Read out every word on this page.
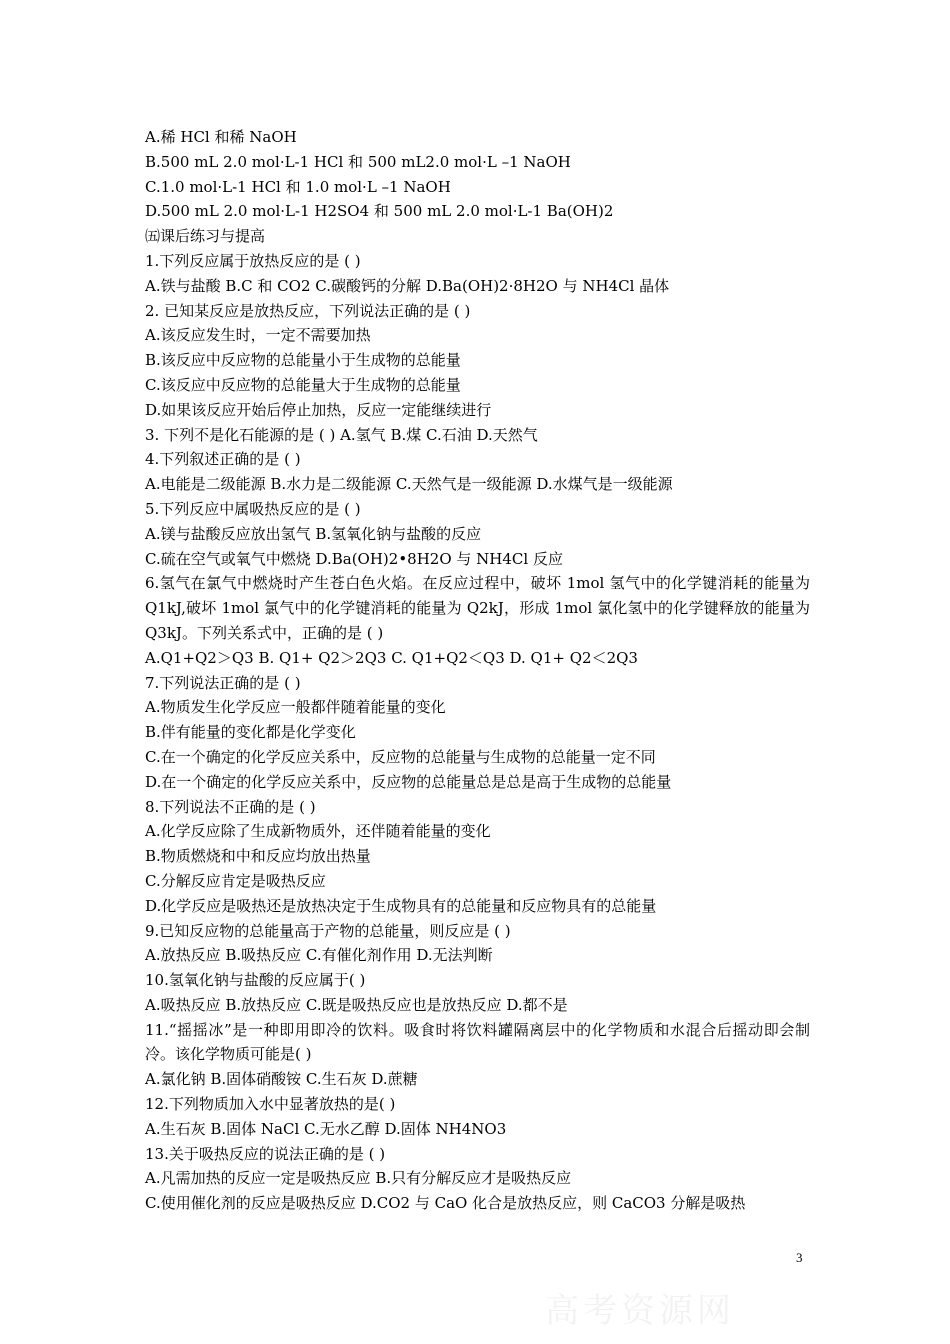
A.稀 HCl 和稀 NaOH
B.500 mL 2.0 mol·L-1 HCl 和 500 mL2.0 mol·L –1 NaOH
C.1.0 mol·L-1 HCl 和 1.0 mol·L –1 NaOH
D.500 mL 2.0 mol·L-1 H2SO4 和 500 mL 2.0 mol·L-1 Ba(OH)2
㈤课后练习与提高
1.下列反应属于放热反应的是 ( )
A.铁与盐酸 B.C 和 CO2 C.碳酸钙的分解 D.Ba(OH)2·8H2O 与 NH4Cl 晶体
2. 已知某反应是放热反应，下列说法正确的是 ( )
A.该反应发生时，一定不需要加热
B.该反应中反应物的总能量小于生成物的总能量
C.该反应中反应物的总能量大于生成物的总能量
D.如果该反应开始后停止加热，反应一定能继续进行
3. 下列不是化石能源的是 ( ) A.氢气 B.煤 C.石油 D.天然气
4.下列叙述正确的是 ( )
A.电能是二级能源 B.水力是二级能源 C.天然气是一级能源 D.水煤气是一级能源
5.下列反应中属吸热反应的是 ( )
A.镁与盐酸反应放出氢气 B.氢氧化钠与盐酸的反应
C.硫在空气或氧气中燃烧 D.Ba(OH)2•8H2O 与 NH4Cl 反应
6.氢气在氯气中燃烧时产生苍白色火焰。在反应过程中，破坏 1mol 氢气中的化学键消耗的能量为 Q1kJ,破坏 1mol 氯气中的化学键消耗的能量为 Q2kJ，形成 1mol 氯化氢中的化学键释放的能量为 Q3kJ。下列关系式中，正确的是 ( )
A.Q1+Q2＞Q3 B. Q1+ Q2＞2Q3 C. Q1+Q2＜Q3 D. Q1+ Q2＜2Q3
7.下列说法正确的是 ( )
A.物质发生化学反应一般都伴随着能量的变化
B.伴有能量的变化都是化学变化
C.在一个确定的化学反应关系中，反应物的总能量与生成物的总能量一定不同
D.在一个确定的化学反应关系中，反应物的总能量总是总是高于生成物的总能量
8.下列说法不正确的是 ( )
A.化学反应除了生成新物质外，还伴随着能量的变化
B.物质燃烧和中和反应均放出热量
C.分解反应肯定是吸热反应
D.化学反应是吸热还是放热决定于生成物具有的总能量和反应物具有的总能量
9.已知反应物的总能量高于产物的总能量，则反应是 ( )
A.放热反应 B.吸热反应 C.有催化剂作用 D.无法判断
10.氢氧化钠与盐酸的反应属于( )
A.吸热反应 B.放热反应 C.既是吸热反应也是放热反应 D.都不是
11.“摇摇冰”是一种即用即冷的饮料。吸食时将饮料罐隔离层中的化学物质和水混合后摇动即会制冷。该化学物质可能是( )
A.氯化钠 B.固体硝酸铵 C.生石灰 D.蔗糖
12.下列物质加入水中显著放热的是( )
A.生石灰 B.固体 NaCl C.无水乙醇 D.固体 NH4NO3
13.关于吸热反应的说法正确的是 ( )
A.凡需加热的反应一定是吸热反应 B.只有分解反应才是吸热反应
C.使用催化剂的反应是吸热反应 D.CO2 与 CaO 化合是放热反应，则 CaCO3 分解是吸热
3
高考资源网
